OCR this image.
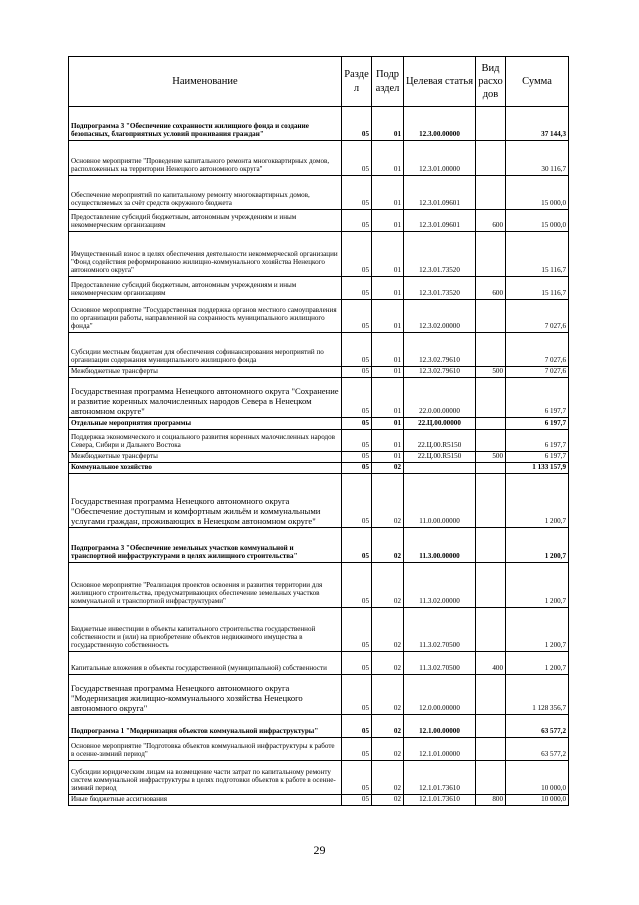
Наименование	Разде л	Подр аздел	Целевая статья	Вид расхо дов	Сумма
Подпрограмма 3 "Обеспечение сохранности жилищного фонда и создание безопасных, благоприятных условий проживания граждан"	05	01	12.3.00.00000		37 144,3
Основное мероприятие "Проведение капитального ремонта многоквартирных домов, расположенных на территории Ненецкого автономного округа"	05	01	12.3.01.00000		30 116,7
Обеспечение мероприятий по капитальному ремонту многоквартирных домов, осуществляемых за счёт средств окружного бюджета	05	01	12.3.01.09601		15 000,0
Предоставление субсидий бюджетным, автономным учреждениям и иным некоммерческим организациям	05	01	12.3.01.09601	600	15 000,0
Имущественный взнос в целях обеспечения деятельности некоммерческой организации "Фонд содействия реформированию жилищно-коммунального хозяйства Ненецкого автономного округа"	05	01	12.3.01.73520		15 116,7
Предоставление субсидий бюджетным, автономным учреждениям и иным некоммерческим организациям	05	01	12.3.01.73520	600	15 116,7
Основное мероприятие "Государственная поддержка органов местного самоуправления по организации работы, направленной на сохранность муниципального жилищного фонда"	05	01	12.3.02.00000		7 027,6
Субсидии местным бюджетам для обеспечения софинансирования мероприятий по организации содержания муниципального жилищного фонда	05	01	12.3.02.79610		7 027,6
Межбюджетные трансферты	05	01	12.3.02.79610	500	7 027,6
Государственная программа Ненецкого автономного округа "Сохранение и развитие коренных малочисленных народов Севера в Ненецком автономном округе"	05	01	22.0.00.00000		6 197,7
Отдельные мероприятия программы	05	01	22.Ц.00.00000		6 197,7
Поддержка экономического и социального развития коренных малочисленных народов Севера, Сибири и Дальнего Востока	05	01	22.Ц.00.R5150		6 197,7
Межбюджетные трансферты	05	01	22.Ц.00.R5150	500	6 197,7
Коммунальное хозяйство	05	02			1 133 157,9
Государственная программа Ненецкого автономного округа "Обеспечение доступным и комфортным жильём и коммунальными услугами граждан, проживающих в Ненецком автономном округе"	05	02	11.0.00.00000		1 200,7
Подпрограмма 3 "Обеспечение земельных участков коммунальной и транспортной инфраструктурами в целях жилищного строительства"	05	02	11.3.00.00000		1 200,7
Основное мероприятие "Реализация проектов освоения и развития территории для жилищного строительства, предусматривающих обеспечение земельных участков коммунальной и транспортной инфраструктурами"	05	02	11.3.02.00000		1 200,7
Бюджетные инвестиции в объекты капитального строительства государственной собственности и (или) на приобретение объектов недвижимого имущества в государственную собственность	05	02	11.3.02.70500		1 200,7
Капитальные вложения в объекты государственной (муниципальной) собственности	05	02	11.3.02.70500	400	1 200,7
Государственная программа Ненецкого автономного округа "Модернизация жилищно-коммунального хозяйства Ненецкого автономного округа"	05	02	12.0.00.00000		1 128 356,7
Подпрограмма 1 "Модернизация объектов коммунальной инфраструктуры"	05	02	12.1.00.00000		63 577,2
Основное мероприятие "Подготовка объектов коммунальной инфраструктуры к работе в осенне-зимний период"	05	02	12.1.01.00000		63 577,2
Субсидии юридическим лицам на возмещение части затрат по капитальному ремонту систем коммунальной инфраструктуры в целях подготовки объектов к работе в осенне-зимний период	05	02	12.1.01.73610		10 000,0
Иные бюджетные ассигнования	05	02	12.1.01.73610	800	10 000,0
29
